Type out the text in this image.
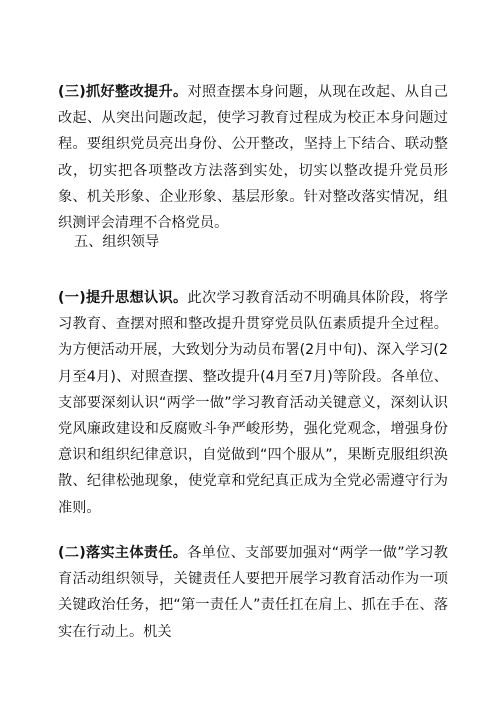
(三)抓好整改提升。对照查摆本身问题，从现在改起、从自己改起、从突出问题改起，使学习教育过程成为校正本身问题过程。要组织党员亮出身份、公开整改，坚持上下结合、联动整改，切实把各项整改方法落到实处，切实以整改提升党员形象、机关形象、企业形象、基层形象。针对整改落实情况，组织测评会清理不合格党员。

五、组织领导

(一)提升思想认识。此次学习教育活动不明确具体阶段，将学习教育、查摆对照和整改提升贯穿党员队伍素质提升全过程。为方便活动开展，大致划分为动员布署(2月中旬)、深入学习(2月至4月)、对照查摆、整改提升(4月至7月)等阶段。各单位、支部要深刻认识“两学一做”学习教育活动关键意义，深刻认识党风廉政建设和反腐败斗争严峻形势，强化党观念，增强身份意识和组织纪律意识，自觉做到“四个服从”，果断克服组织涣散、纪律松弛现象，使党章和党纪真正成为全党必需遵守行为准则。

(二)落实主体责任。各单位、支部要加强对“两学一做”学习教育活动组织领导，关键责任人要把开展学习教育活动作为一项关键政治任务，把“第一责任人”责任扛在肩上、抓在手在、落实在行动上。机关
